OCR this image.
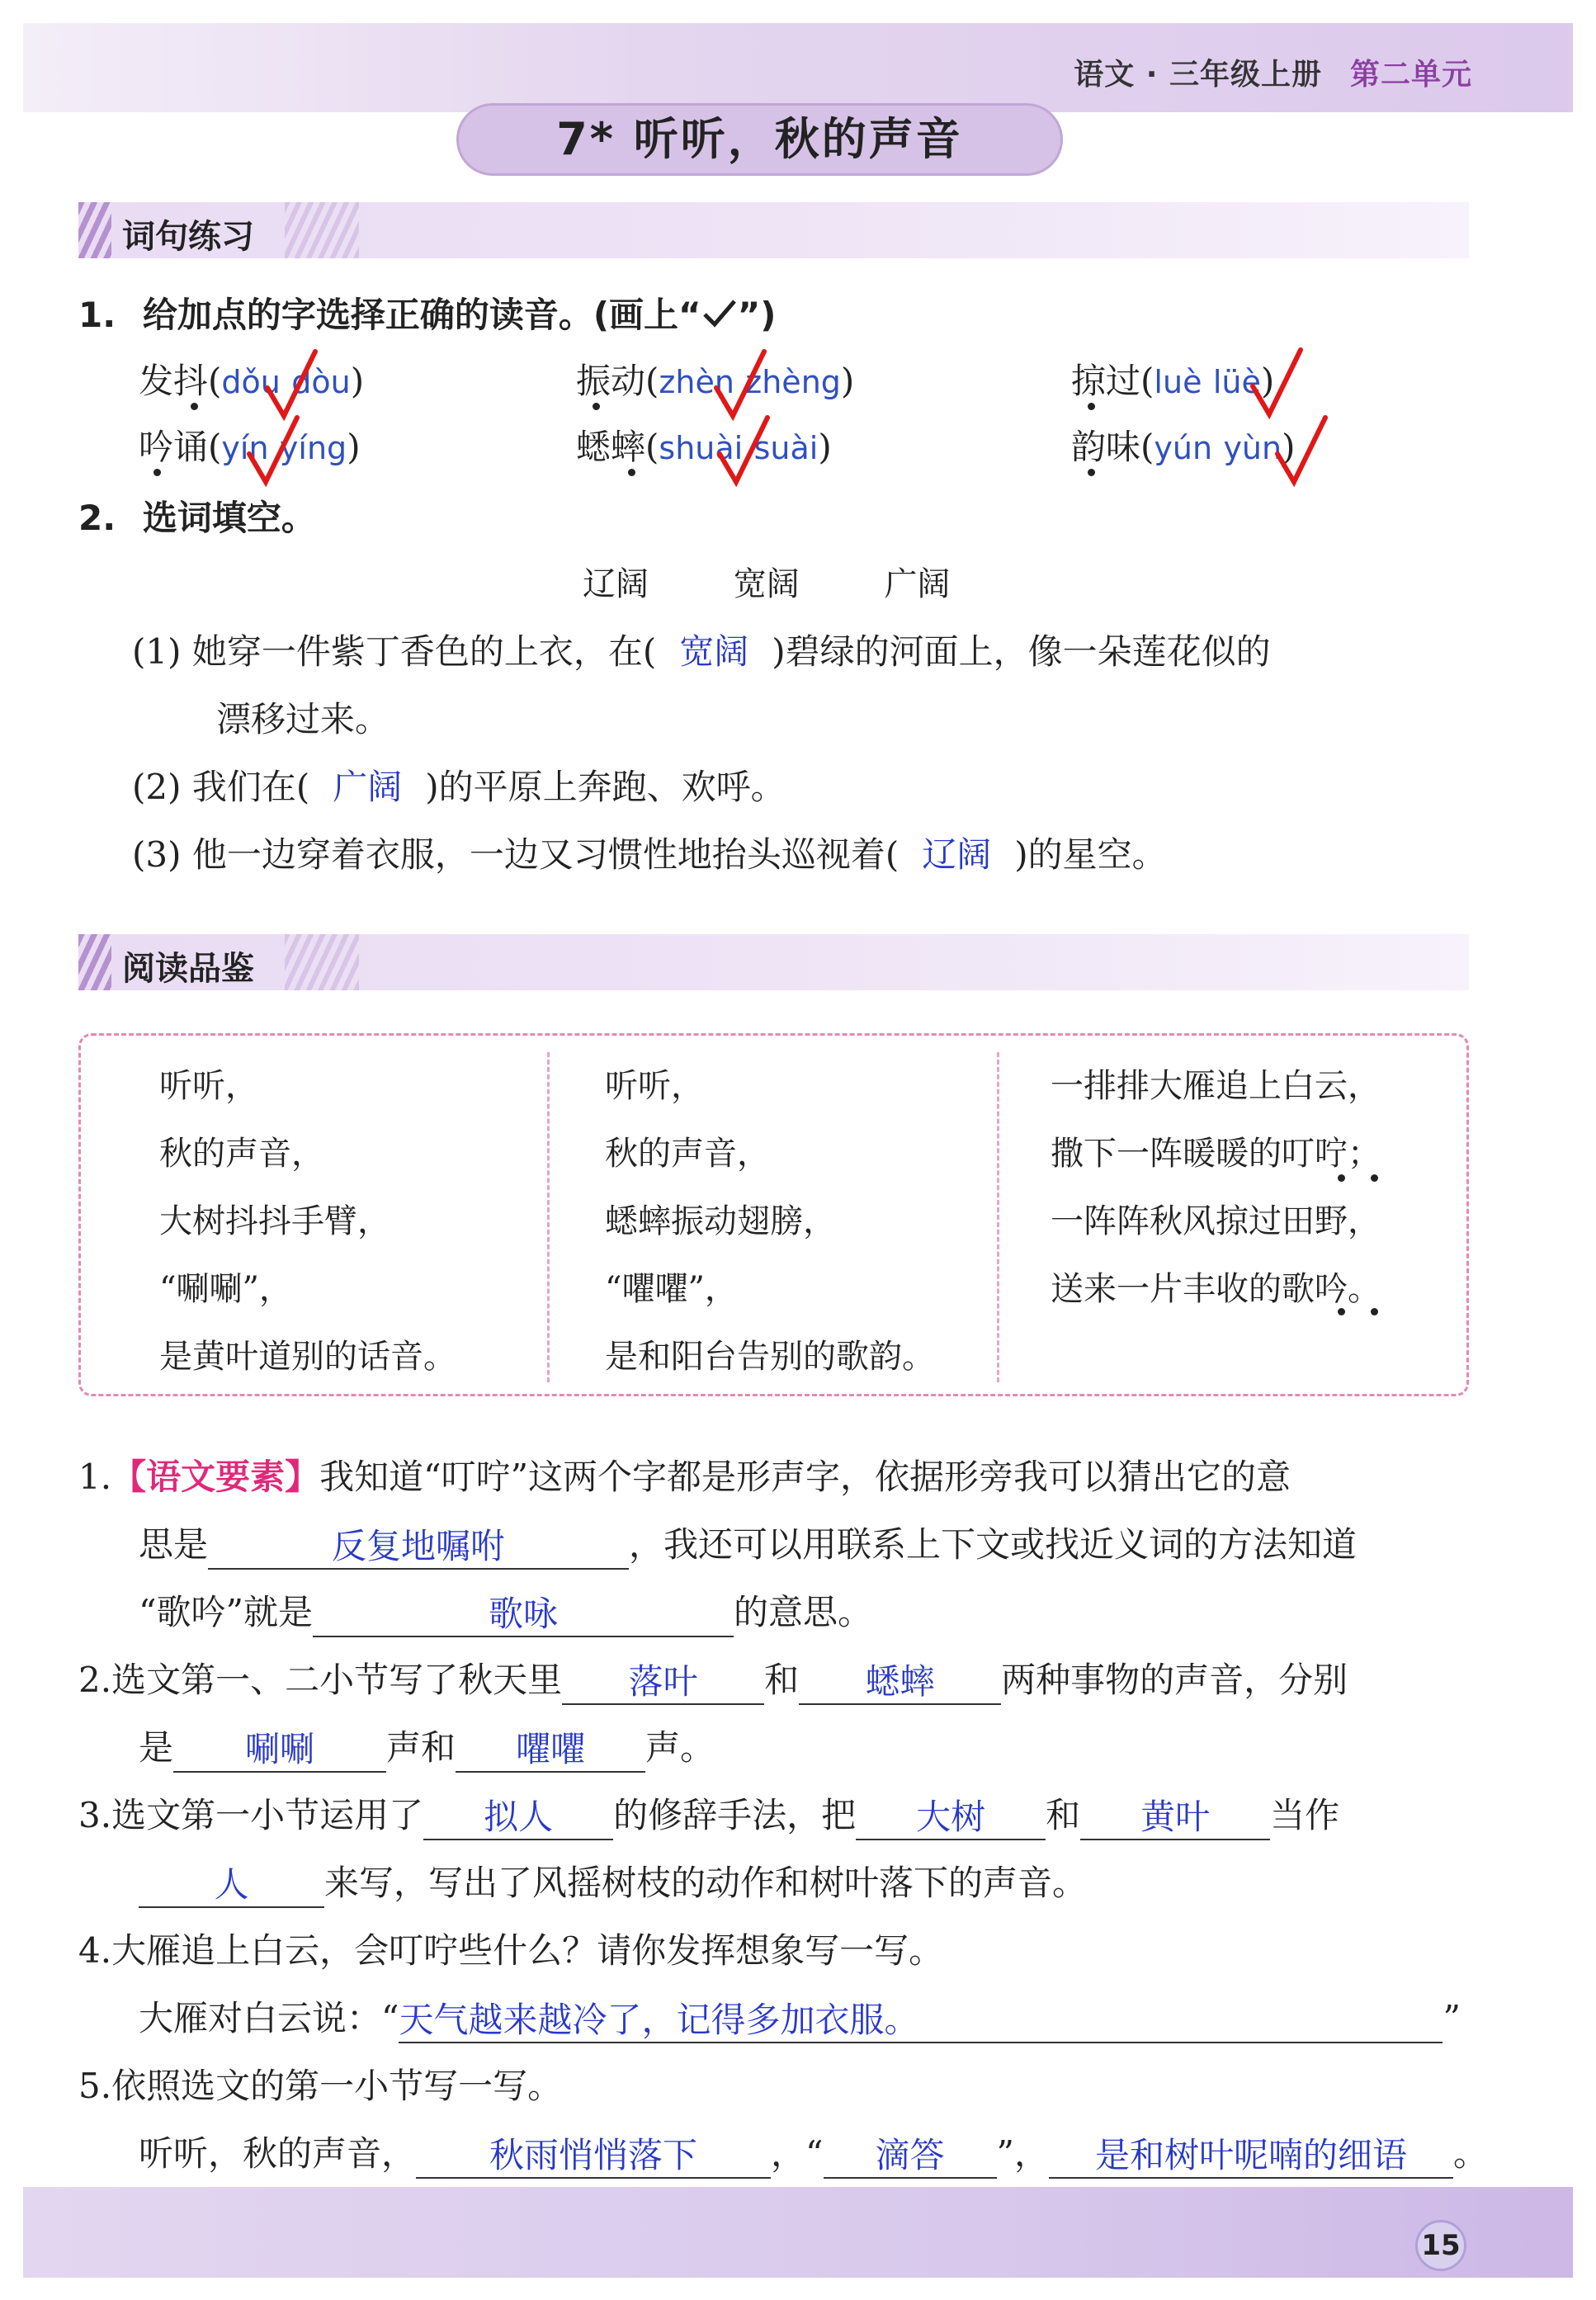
语文 · 三年级上册 第二单元
7* 听听，秋的声音
词句练习
1. 给加点的字选择正确的读音。(画上“ ”)
发抖(dǒu dòu)	振动(zhèn zhèng)	掠过(luè lüè)
吟诵(yín yíng)	蟋蟀(shuài suài)	韵味(yún yùn)
2. 选词填空。
辽阔	宽阔	广阔
(1) 她穿一件紫丁香色的上衣，在( 宽阔 )碧绿的河面上，像一朵莲花似的
漂移过来。
(2) 我们在( 广阔 )的平原上奔跑、欢呼。
(3) 他一边穿着衣服，一边又习惯性地抬头巡视着( 辽阔 )的星空。
阅读品鉴
听听，
秋的声音，
大树抖抖手臂，
“唰唰”，
是黄叶道别的话音。
听听，
秋的声音，
蟋蟀振动翅膀，
“㘗㘗”，
是和阳台告别的歌韵。
一排排大雁追上白云，
撒下一阵暖暖的叮咛；
一阵阵秋风掠过田野，
送来一片丰收的歌吟。
1.【语文要素】我知道“叮咛”这两个字都是形声字，依据形旁我可以猜出它的意
思是	反复地嘱咐	，我还可以用联系上下文或找近义词的方法知道
“歌吟”就是	歌咏	的意思。
2.选文第一、二小节写了秋天里 落叶 和 蟋蟀 两种事物的声音，分别
是 唰唰 声和 㘗㘗 声。
3.选文第一小节运用了 拟人 的修辞手法，把 大树 和 黄叶 当作
人 来写，写出了风摇树枝的动作和树叶落下的声音。
4.大雁追上白云，会叮咛些什么？请你发挥想象写一写。
大雁对白云说：“天气越来越冷了，记得多加衣服。	”
5.依照选文的第一小节写一写。
听听，秋的声音， 秋雨悄悄落下 ，“ 滴答 ”， 是和树叶呢喃的细语 。
15
